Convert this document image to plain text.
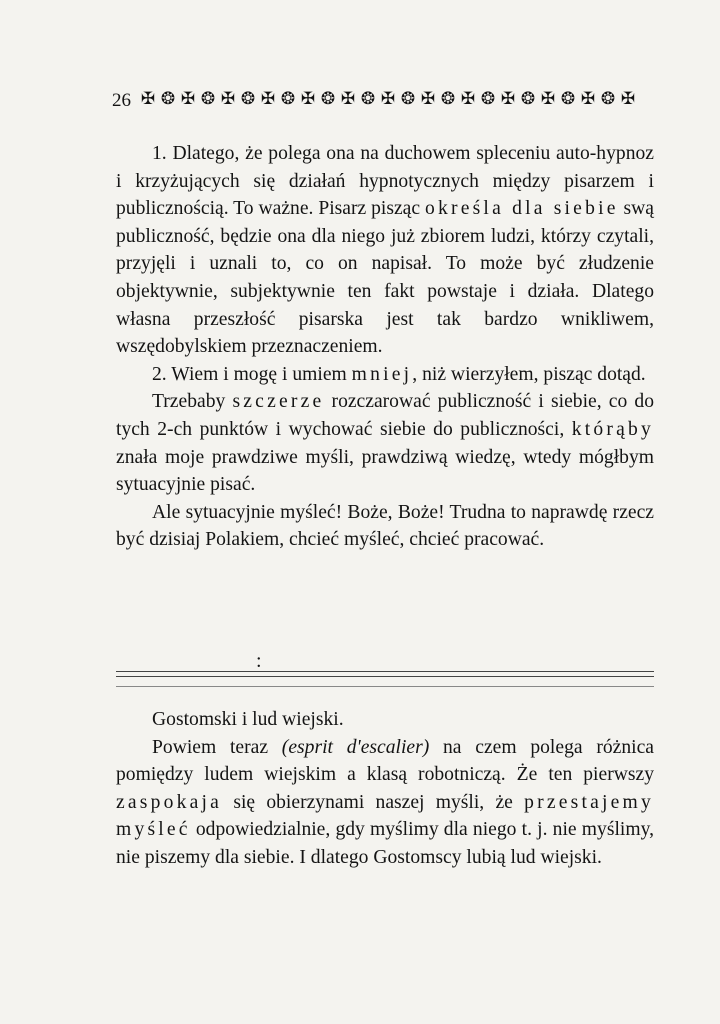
26 ✠ ❂ ✠ ❂ ✠ ❂ ✠ ❂ ✠ ❂ ✠ ❂ ✠ ❂ ✠ ❂ ✠ ❂ ✠ ❂ ✠ ❂ ✠ ❂ ✠

1. Dlatego, że polega ona na duchowem spleceniu auto-hypnoz i krzyżujących się działań hypnotycznych między pisarzem i publicznością. To ważne. Pisarz pisząc określa dla siebie swą publiczność, będzie ona dla niego już zbiorem ludzi, którzy czytali, przyjęli i uznali to, co on napisał. To może być złudzenie objektywnie, subjektywnie ten fakt powstaje i działa. Dlatego własna przeszłość pisarska jest tak bardzo wnikliwem, wszędobylskiem przeznaczeniem.

2. Wiem i mogę i umiem mniej, niż wierzyłem, pisząc dotąd.

Trzebaby szczerze rozczarować publiczność i siebie, co do tych 2-ch punktów i wychować siebie do publiczności, którąby znała moje prawdziwe myśli, prawdziwą wiedzę, wtedy mógłbym sytuacyjnie pisać.

Ale sytuacyjnie myśleć! Boże, Boże! Trudna to naprawdę rzecz być dzisiaj Polakiem, chcieć myśleć, chcieć pracować.

:

Gostomski i lud wiejski.

Powiem teraz (esprit d'escalier) na czem polega różnica pomiędzy ludem wiejskim a klasą robotniczą. Że ten pierwszy zaspokaja się obierzynami naszej myśli, że przestajemy myśleć odpowiedzialnie, gdy myślimy dla niego t. j. nie myślimy, nie piszemy dla siebie. I dlatego Gostomscy lubią lud wiejski.
